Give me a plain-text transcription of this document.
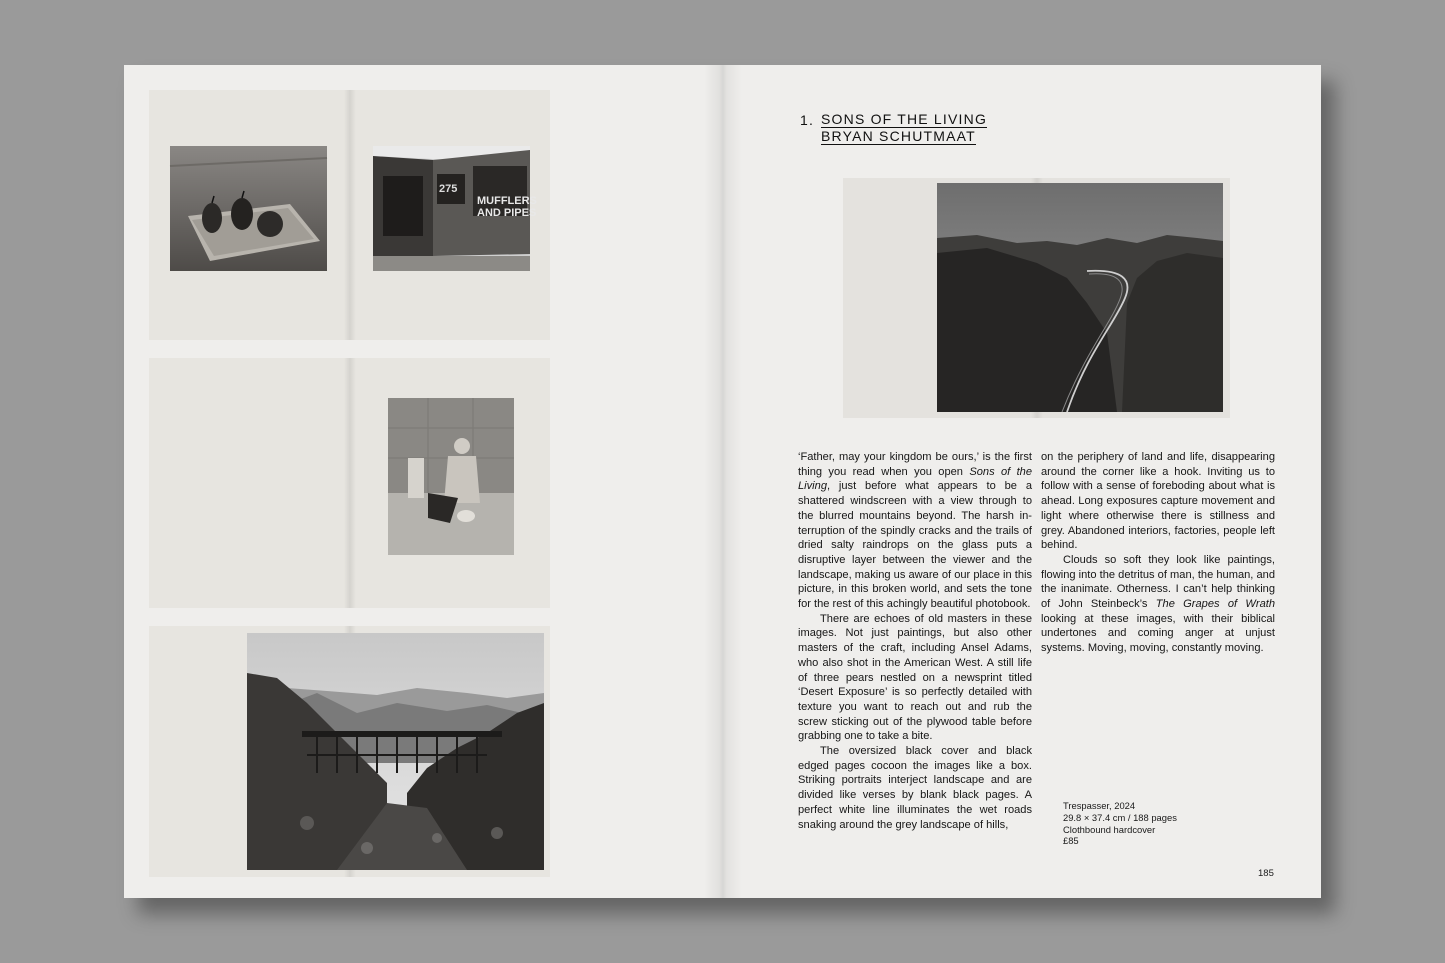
MUFFLERS
AND PIPES
275
1. SONS OF THE LIVING
BRYAN SCHUTMAAT

‘Father, may your kingdom be ours,’ is the first thing you read when you open Sons of the Living, just before what appears to be a shattered windscreen with a view through to the blurred mountains beyond. The harsh interruption of the spindly cracks and the trails of dried salty raindrops on the glass puts a disruptive layer between the viewer and the landscape, making us aware of our place in this picture, in this broken world, and sets the tone for the rest of this achingly beautiful photobook.

There are echoes of old masters in these images. Not just paintings, but also other masters of the craft, including Ansel Adams, who also shot in the American West. A still life of three pears nestled on a newsprint titled ‘Desert Exposure’ is so perfectly detailed with texture you want to reach out and rub the screw sticking out of the plywood table before grabbing one to take a bite.

The oversized black cover and black edged pages cocoon the images like a box. Striking portraits interject landscape and are divided like verses by blank black pages. A perfect white line illuminates the wet roads snaking around the grey landscape of hills,

on the periphery of land and life, disappearing around the corner like a hook. Inviting us to follow with a sense of foreboding about what is ahead. Long exposures capture movement and light where otherwise there is stillness and grey. Abandoned interiors, factories, people left behind.

Clouds so soft they look like paintings, flowing into the detritus of man, the human, and the inanimate. Otherness. I can’t help thinking of John Steinbeck’s The Grapes of Wrath looking at these images, with their biblical undertones and coming anger at unjust systems. Moving, moving, constantly moving.

Trespasser, 2024
29.8 × 37.4 cm / 188 pages
Clothbound hardcover
£85
185
